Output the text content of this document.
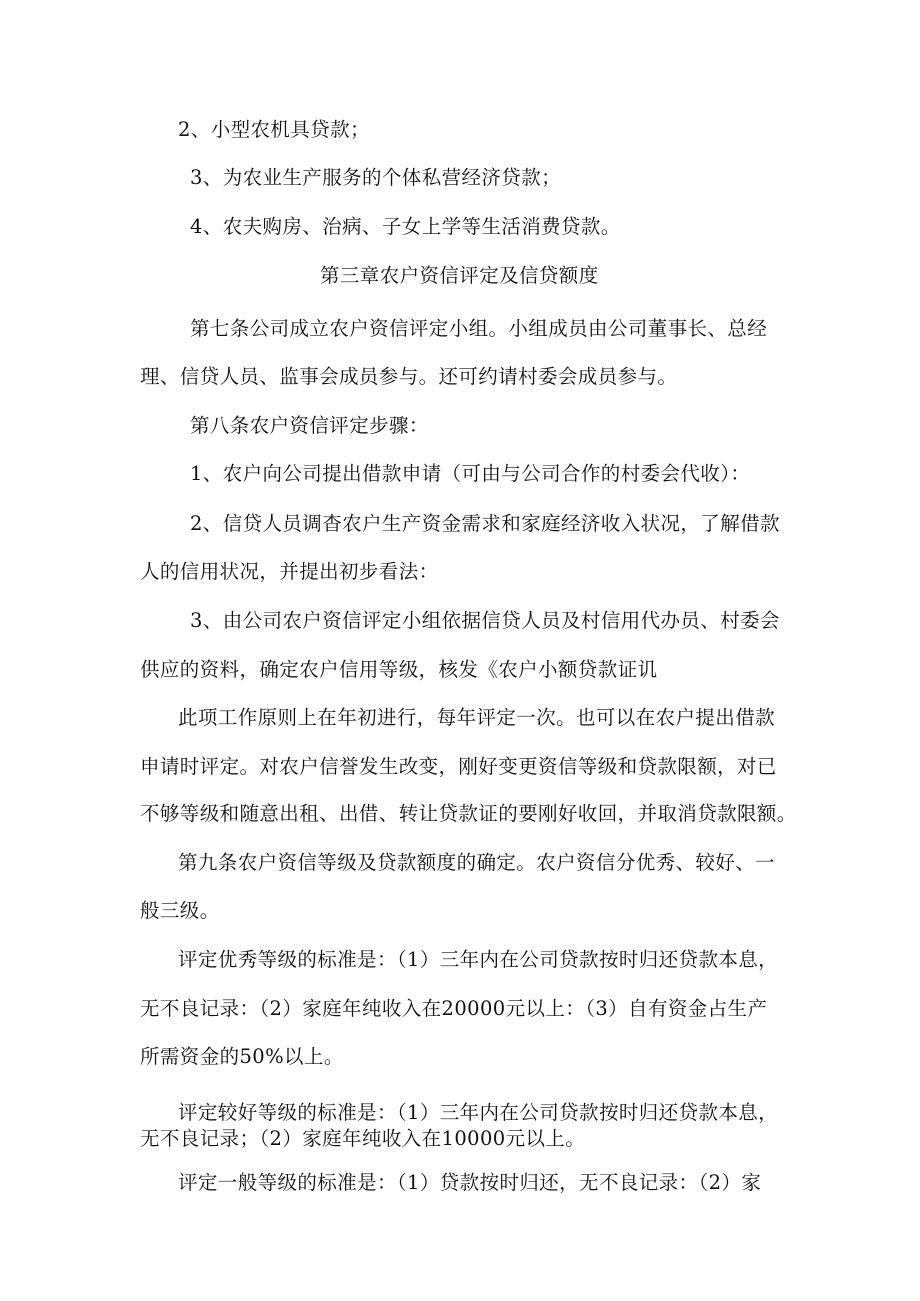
2、小型农机具贷款；
3、为农业生产服务的个体私营经济贷款；
4、农夫购房、治病、子女上学等生活消费贷款。
第三章农户资信评定及信贷额度
第七条公司成立农户资信评定小组。小组成员由公司董事长、总经
理、信贷人员、监事会成员参与。还可约请村委会成员参与。
第八条农户资信评定步骤：
1、农户向公司提出借款申请（可由与公司合作的村委会代收）：
2、信贷人员调杳农户生产资金需求和家庭经济收入状况，了解借款
人的信用状况，并提出初步看法：
3、由公司农户资信评定小组依据信贷人员及村信用代办员、村委会
供应的资料，确定农户信用等级，核发《农户小额贷款证讥
此项工作原则上在年初进行，每年评定一次。也可以在农户提出借款
申请时评定。对农户信誉发生改变，刚好变更资信等级和贷款限额，对已
不够等级和随意出租、出借、转让贷款证的要刚好收回，并取消贷款限额。
第九条农户资信等级及贷款额度的确定。农户资信分优秀、较好、一
般三级。
评定优秀等级的标准是：（1）三年内在公司贷款按时归还贷款本息，
无不良记录：（2）家庭年纯收入在20000元以上：（3）自有资金占生产
所需资金的50%以上。
评定较好等级的标准是：（1）三年内在公司贷款按时归还贷款本息，
无不良记录；（2）家庭年纯收入在10000元以上。
评定一般等级的标准是：（1）贷款按时归还，无不良记录：（2）家
